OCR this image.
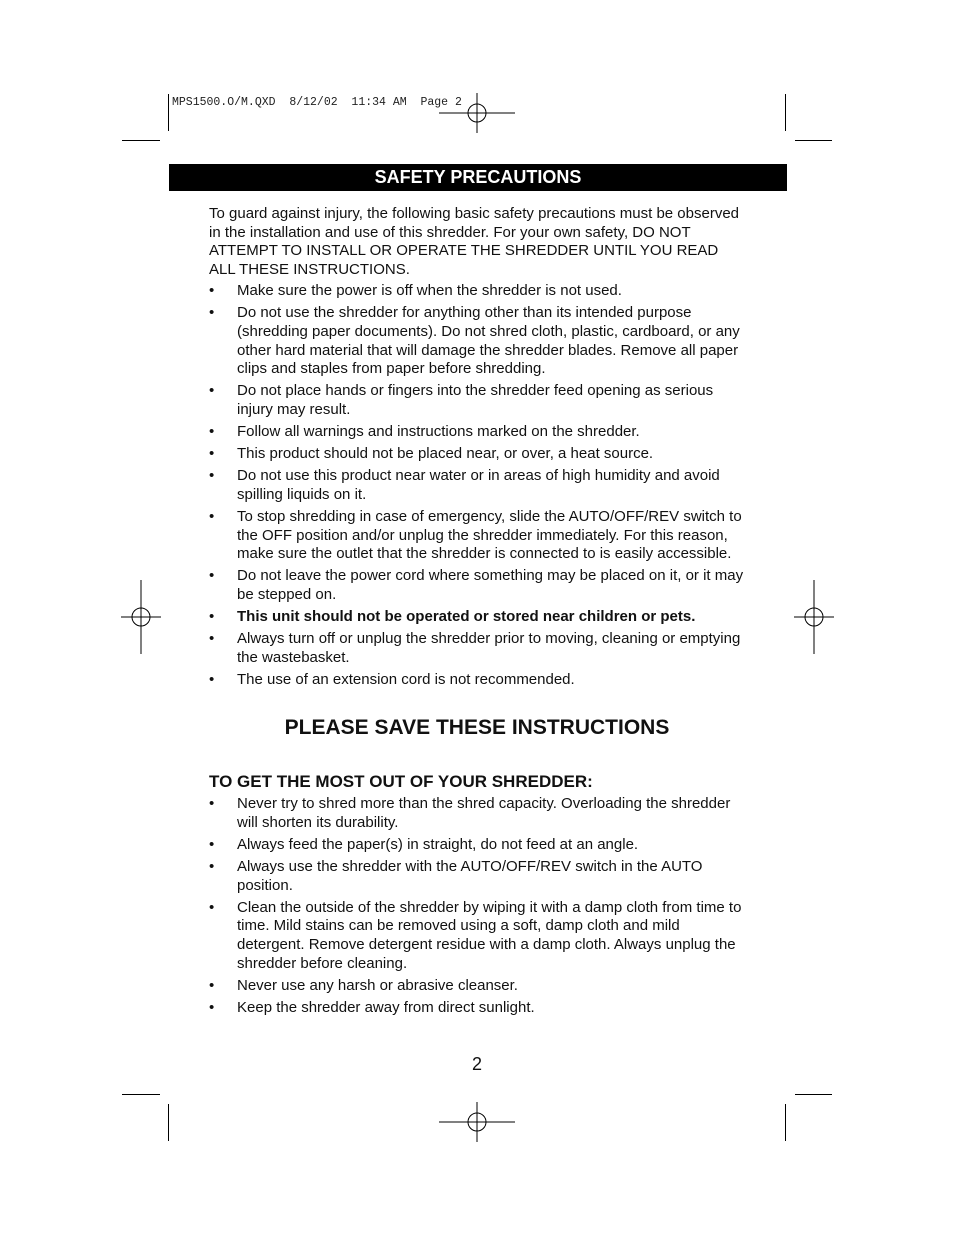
MPS1500.O/M.QXD  8/12/02  11:34 AM  Page 2
SAFETY PRECAUTIONS

To guard against injury, the following basic safety precautions must be observed in the installation and use of this shredder. For your own safety, DO NOT ATTEMPT TO INSTALL OR OPERATE THE SHREDDER UNTIL YOU READ ALL THESE INSTRUCTIONS.

• Make sure the power is off when the shredder is not used.
• Do not use the shredder for anything other than its intended purpose (shredding paper documents). Do not shred cloth, plastic, cardboard, or any other hard material that will damage the shredder blades. Remove all paper clips and staples from paper before shredding.
• Do not place hands or fingers into the shredder feed opening as serious injury may result.
• Follow all warnings and instructions marked on the shredder.
• This product should not be placed near, or over, a heat source.
• Do not use this product near water or in areas of high humidity and avoid spilling liquids on it.
• To stop shredding in case of emergency, slide the AUTO/OFF/REV switch to the OFF position and/or unplug the shredder immediately. For this reason, make sure the outlet that the shredder is connected to is easily accessible.
• Do not leave the power cord where something may be placed on it, or it may be stepped on.
• This unit should not be operated or stored near children or pets.
• Always turn off or unplug the shredder prior to moving, cleaning or emptying the wastebasket.
• The use of an extension cord is not recommended.
PLEASE SAVE THESE INSTRUCTIONS
TO GET THE MOST OUT OF YOUR SHREDDER:
• Never try to shred more than the shred capacity. Overloading the shredder will shorten its durability.
• Always feed the paper(s) in straight, do not feed at an angle.
• Always use the shredder with the AUTO/OFF/REV switch in the AUTO position.
• Clean the outside of the shredder by wiping it with a damp cloth from time to time. Mild stains can be removed using a soft, damp cloth and mild detergent. Remove detergent residue with a damp cloth. Always unplug the shredder before cleaning.
• Never use any harsh or abrasive cleanser.
• Keep the shredder away from direct sunlight.
2
